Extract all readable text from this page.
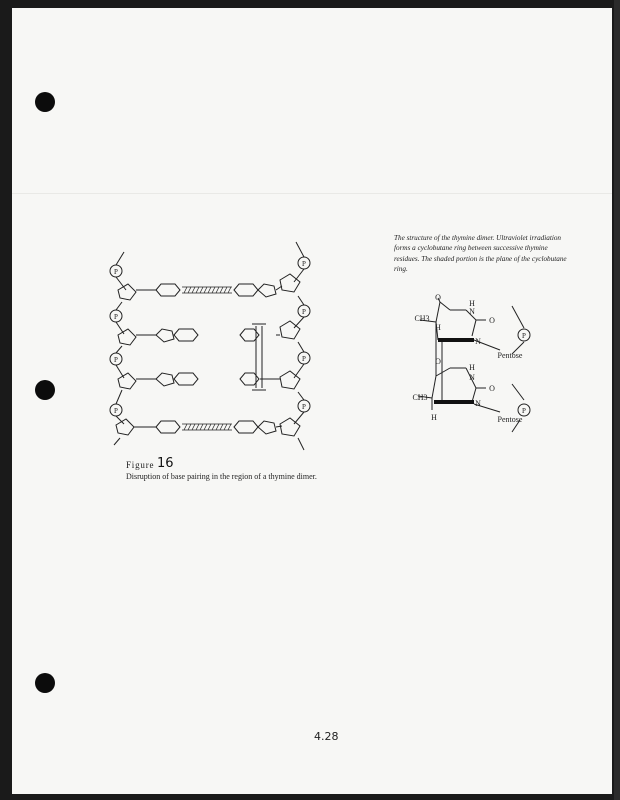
P
P
P
P
P
P
P
P
Figure 16
Disruption of base pairing in the region of a thymine dimer.

The structure of the thymine dimer. Ultraviolet irradiation forms a cyclobutane ring between successive thymine residues. The shaded portion is the plane of the cyclobutane ring.

O
H
N
O
H
N
CH3
O
H
N
O
N
CH3
H
P
P
Pentose
Pentose
4.28
